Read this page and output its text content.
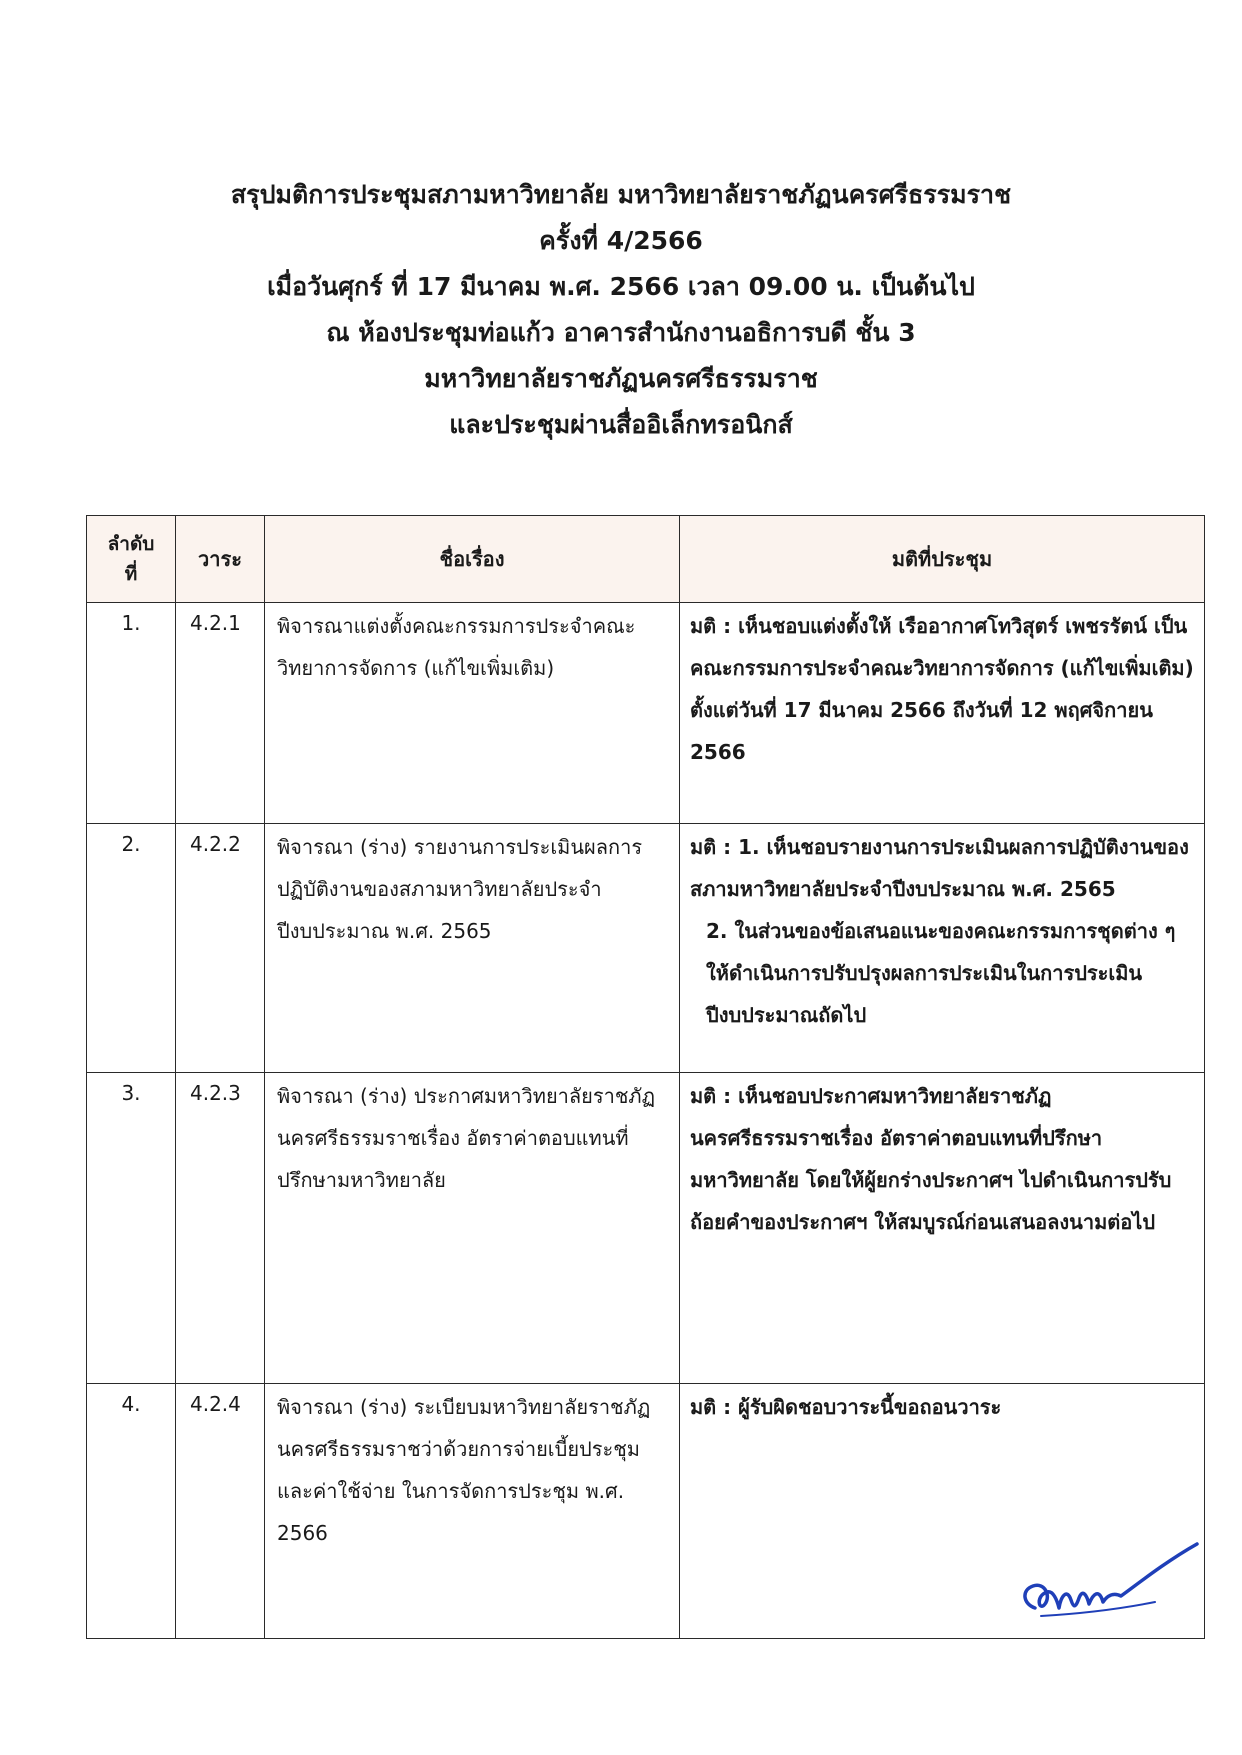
สรุปมติการประชุมสภามหาวิทยาลัย มหาวิทยาลัยราชภัฏนครศรีธรรมราช
ครั้งที่ 4/2566
เมื่อวันศุกร์ ที่ 17 มีนาคม พ.ศ. 2566 เวลา 09.00 น. เป็นต้นไป
ณ ห้องประชุมท่อแก้ว อาคารสำนักงานอธิการบดี ชั้น 3
มหาวิทยาลัยราชภัฏนครศรีธรรมราช
และประชุมผ่านสื่ออิเล็กทรอนิกส์
ลำดับ
ที่	วาระ	ชื่อเรื่อง	มติที่ประชุม
1.	4.2.1	พิจารณาแต่งตั้งคณะกรรมการประจำคณะวิทยาการจัดการ (แก้ไขเพิ่มเติม)	มติ : เห็นชอบแต่งตั้งให้ เรืออากาศโทวิสุตร์ เพชรรัตน์ เป็นคณะกรรมการประจำคณะวิทยาการจัดการ (แก้ไขเพิ่มเติม) ตั้งแต่วันที่ 17 มีนาคม 2566 ถึงวันที่ 12 พฤศจิกายน 2566

2.	4.2.2	พิจารณา (ร่าง) รายงานการประเมินผลการปฏิบัติงานของสภามหาวิทยาลัยประจำปีงบประมาณ พ.ศ. 2565	มติ : 1. เห็นชอบรายงานการประเมินผลการปฏิบัติงานของสภามหาวิทยาลัยประจำปีงบประมาณ พ.ศ. 2565
2. ในส่วนของข้อเสนอแนะของคณะกรรมการชุดต่าง ๆ ให้ดำเนินการปรับปรุงผลการประเมินในการประเมินปีงบประมาณถัดไป

3.	4.2.3	พิจารณา (ร่าง) ประกาศมหาวิทยาลัยราชภัฏนครศรีธรรมราชเรื่อง อัตราค่าตอบแทนที่ปรึกษามหาวิทยาลัย	มติ : เห็นชอบประกาศมหาวิทยาลัยราชภัฏนครศรีธรรมราชเรื่อง อัตราค่าตอบแทนที่ปรึกษามหาวิทยาลัย โดยให้ผู้ยกร่างประกาศฯ ไปดำเนินการปรับถ้อยคำของประกาศฯ ให้สมบูรณ์ก่อนเสนอลงนามต่อไป

4.	4.2.4	พิจารณา (ร่าง) ระเบียบมหาวิทยาลัยราชภัฏนครศรีธรรมราชว่าด้วยการจ่ายเบี้ยประชุมและค่าใช้จ่าย ในการจัดการประชุม พ.ศ. 2566	มติ : ผู้รับผิดชอบวาระนี้ขอถอนวาระ
